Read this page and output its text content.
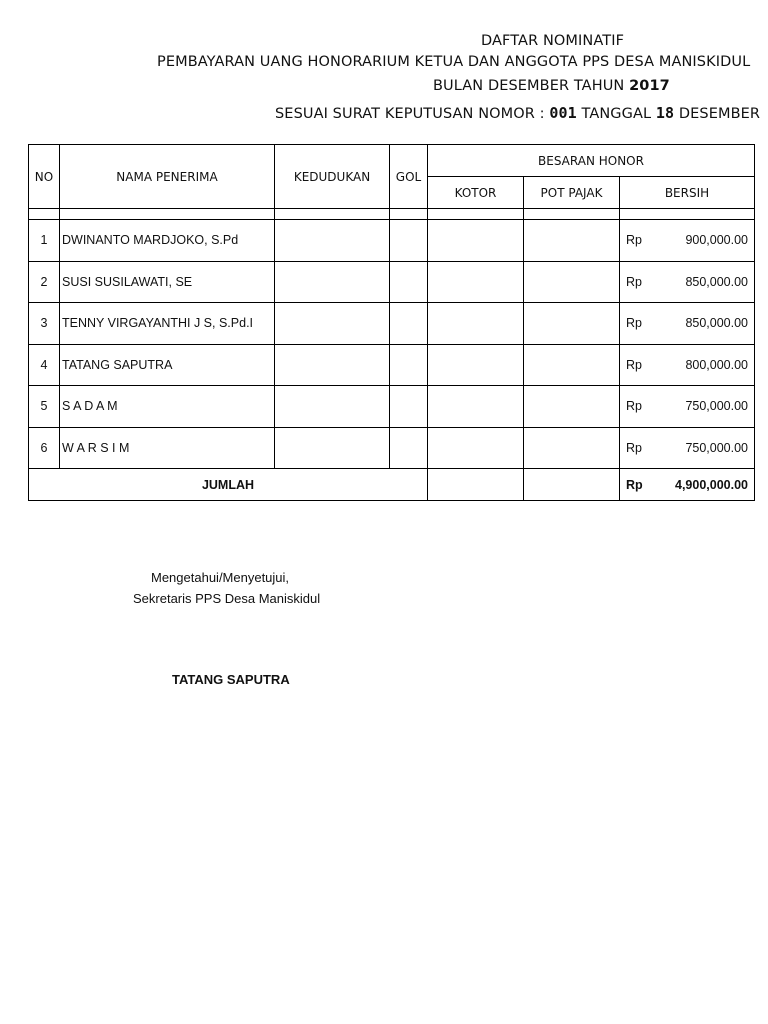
DAFTAR NOMINATIF
PEMBAYARAN UANG HONORARIUM KETUA DAN ANGGOTA PPS DESA MANISKIDUL
BULAN DESEMBER TAHUN 2017
SESUAI SURAT KEPUTUSAN NOMOR : 001 TANGGAL 18 DESEMBER
NO	NAMA PENERIMA	KEDUDUKAN	GOL	BESARAN HONOR		
				KOTOR	POT PAJAK	BERSIH

1	DWINANTO MARDJOKO, S.Pd					Rp 900,000.00

2	SUSI SUSILAWATI, SE					Rp 850,000.00

3	TENNY VIRGAYANTHI J S, S.Pd.I					Rp 850,000.00

4	TATANG SAPUTRA					Rp 800,000.00

5	S A D A M					Rp 750,000.00

6	W A R S I M					Rp 750,000.00

JUMLAH						Rp 4,900,000.00
Mengetahui/Menyetujui,
Sekretaris PPS Desa Maniskidul
TATANG SAPUTRA
